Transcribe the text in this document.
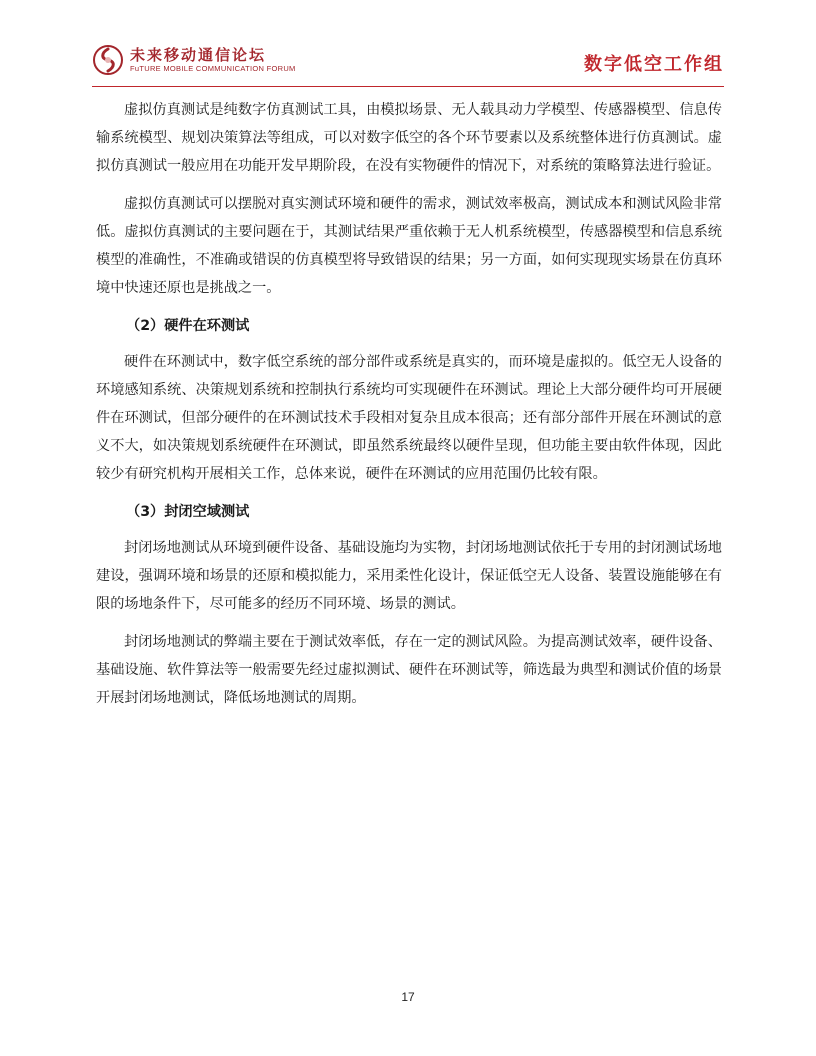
未来移动通信论坛
FuTURE MOBILE COMMUNICATION FORUM	数字低空工作组

虚拟仿真测试是纯数字仿真测试工具，由模拟场景、无人载具动力学模型、传感器模型、信息传输系统模型、规划决策算法等组成，可以对数字低空的各个环节要素以及系统整体进行仿真测试。虚拟仿真测试一般应用在功能开发早期阶段，在没有实物硬件的情况下，对系统的策略算法进行验证。

虚拟仿真测试可以摆脱对真实测试环境和硬件的需求，测试效率极高，测试成本和测试风险非常低。虚拟仿真测试的主要问题在于，其测试结果严重依赖于无人机系统模型，传感器模型和信息系统模型的准确性，不准确或错误的仿真模型将导致错误的结果；另一方面，如何实现现实场景在仿真环境中快速还原也是挑战之一。

（2）硬件在环测试

硬件在环测试中，数字低空系统的部分部件或系统是真实的，而环境是虚拟的。低空无人设备的环境感知系统、决策规划系统和控制执行系统均可实现硬件在环测试。理论上大部分硬件均可开展硬件在环测试，但部分硬件的在环测试技术手段相对复杂且成本很高；还有部分部件开展在环测试的意义不大，如决策规划系统硬件在环测试，即虽然系统最终以硬件呈现，但功能主要由软件体现，因此较少有研究机构开展相关工作，总体来说，硬件在环测试的应用范围仍比较有限。

（3）封闭空域测试

封闭场地测试从环境到硬件设备、基础设施均为实物，封闭场地测试依托于专用的封闭测试场地建设，强调环境和场景的还原和模拟能力，采用柔性化设计，保证低空无人设备、装置设施能够在有限的场地条件下，尽可能多的经历不同环境、场景的测试。

封闭场地测试的弊端主要在于测试效率低，存在一定的测试风险。为提高测试效率，硬件设备、基础设施、软件算法等一般需要先经过虚拟测试、硬件在环测试等，筛选最为典型和测试价值的场景开展封闭场地测试，降低场地测试的周期。

17
